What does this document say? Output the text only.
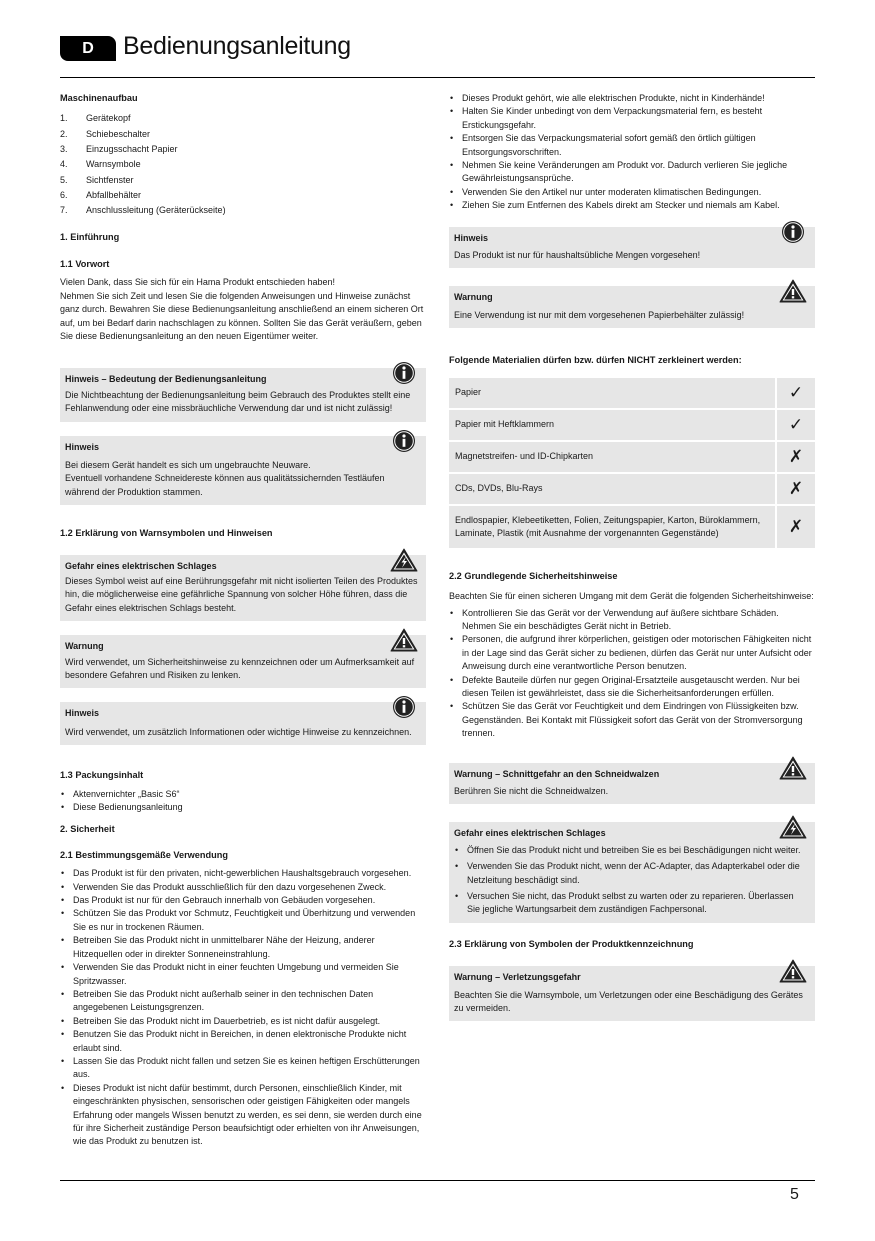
D	Bedienungsanleitung

Maschinenaufbau

1.	Gerätekopf
2.	Schiebeschalter
3.	Einzugsschacht Papier
4.	Warnsymbole
5.	Sichtfenster
6.	Abfallbehälter
7.	Anschlussleitung (Geräterückseite)

1. Einführung

1.1 Vorwort

Vielen Dank, dass Sie sich für ein Hama Produkt entschieden haben!

Nehmen Sie sich Zeit und lesen Sie die folgenden Anweisungen und Hinweise zunächst ganz durch. Bewahren Sie diese Bedienungsanleitung anschließend an einem sicheren Ort auf, um bei Bedarf darin nachschlagen zu können. Sollten Sie das Gerät veräußern, geben Sie diese Bedienungsanleitung an den neuen Eigentümer weiter.

Hinweis – Bedeutung der Bedienungsanleitung

Die Nichtbeachtung der Bedienungsanleitung beim Gebrauch des Produktes stellt eine Fehlanwendung oder eine missbräuchliche Verwendung dar und ist nicht zulässig!

Hinweis

Bei diesem Gerät handelt es sich um ungebrauchte Neuware.

Eventuell vorhandene Schneidereste können aus qualitätssichernden Testläufen während der Produktion stammen.

1.2 Erklärung von Warnsymbolen und Hinweisen

Gefahr eines elektrischen Schlages

Dieses Symbol weist auf eine Berührungsgefahr mit nicht isolierten Teilen des Produktes hin, die möglicherweise eine gefährliche Spannung von solcher Höhe führen, dass die Gefahr eines elektrischen Schlags besteht.

Warnung

Wird verwendet, um Sicherheitshinweise zu kennzeichnen oder um Aufmerksamkeit auf besondere Gefahren und Risiken zu lenken.

Hinweis

Wird verwendet, um zusätzlich Informationen oder wichtige Hinweise zu kennzeichnen.

1.3 Packungsinhalt

• Aktenvernichter „Basic S6“
• Diese Bedienungsanleitung

2. Sicherheit

2.1 Bestimmungsgemäße Verwendung

• Das Produkt ist für den privaten, nicht-gewerblichen Haushaltsgebrauch vorgesehen.
• Verwenden Sie das Produkt ausschließlich für den dazu vorgesehenen Zweck.
• Das Produkt ist nur für den Gebrauch innerhalb von Gebäuden vorgesehen.
• Schützen Sie das Produkt vor Schmutz, Feuchtigkeit und Überhitzung und verwenden Sie es nur in trockenen Räumen.
• Betreiben Sie das Produkt nicht in unmittelbarer Nähe der Heizung, anderer Hitzequellen oder in direkter Sonneneinstrahlung.
• Verwenden Sie das Produkt nicht in einer feuchten Umgebung und vermeiden Sie Spritzwasser.
• Betreiben Sie das Produkt nicht außerhalb seiner in den technischen Daten angegebenen Leistungsgrenzen.
• Betreiben Sie das Produkt nicht im Dauerbetrieb, es ist nicht dafür ausgelegt.
• Benutzen Sie das Produkt nicht in Bereichen, in denen elektronische Produkte nicht erlaubt sind.
• Lassen Sie das Produkt nicht fallen und setzen Sie es keinen heftigen Erschütterungen aus.
• Dieses Produkt ist nicht dafür bestimmt, durch Personen, einschließlich Kinder, mit eingeschränkten physischen, sensorischen oder geistigen Fähigkeiten oder mangels Erfahrung oder mangels Wissen benutzt zu werden, es sei denn, sie werden durch eine für ihre Sicherheit zuständige Person beaufsichtigt oder erhielten von ihr Anweisungen, wie das Produkt zu benutzen ist.
• Dieses Produkt gehört, wie alle elektrischen Produkte, nicht in Kinderhände!
• Halten Sie Kinder unbedingt von dem Verpackungsmaterial fern, es besteht Erstickungsgefahr.
• Entsorgen Sie das Verpackungsmaterial sofort gemäß den örtlich gültigen Entsorgungsvorschriften.
• Nehmen Sie keine Veränderungen am Produkt vor. Dadurch verlieren Sie jegliche Gewährleistungsansprüche.
• Verwenden Sie den Artikel nur unter moderaten klimatischen Bedingungen.
• Ziehen Sie zum Entfernen des Kabels direkt am Stecker und niemals am Kabel.

Hinweis

Das Produkt ist nur für haushaltsübliche Mengen vorgesehen!

Warnung

Eine Verwendung ist nur mit dem vorgesehenen Papierbehälter zulässig!

Folgende Materialien dürfen bzw. dürfen NICHT zerkleinert werden:

Papier	✓
Papier mit Heftklammern	✓
Magnetstreifen- und ID-Chipkarten	✗
CDs, DVDs, Blu-Rays	✗
Endlospapier, Klebeetiketten, Folien, Zeitungspapier, Karton, Büroklammern, Laminate, Plastik (mit Ausnahme der vorgenannten Gegenstände)	✗

2.2 Grundlegende Sicherheitshinweise

Beachten Sie für einen sicheren Umgang mit dem Gerät die folgenden Sicherheitshinweise:

• Kontrollieren Sie das Gerät vor der Verwendung auf äußere sichtbare Schäden. Nehmen Sie ein beschädigtes Gerät nicht in Betrieb.
• Personen, die aufgrund ihrer körperlichen, geistigen oder motorischen Fähigkeiten nicht in der Lage sind das Gerät sicher zu bedienen, dürfen das Gerät nur unter Aufsicht oder Anweisung durch eine verantwortliche Person benutzen.
• Defekte Bauteile dürfen nur gegen Original-Ersatzteile ausgetauscht werden. Nur bei diesen Teilen ist gewährleistet, dass sie die Sicherheitsanforderungen erfüllen.
• Schützen Sie das Gerät vor Feuchtigkeit und dem Eindringen von Flüssigkeiten bzw. Gegenständen. Bei Kontakt mit Flüssigkeit sofort das Gerät von der Stromversorgung trennen.

Warnung – Schnittgefahr an den Schneidwalzen

Berühren Sie nicht die Schneidwalzen.

Gefahr eines elektrischen Schlages

• Öffnen Sie das Produkt nicht und betreiben Sie es bei Beschädigungen nicht weiter.
• Verwenden Sie das Produkt nicht, wenn der AC-Adapter, das Adapterkabel oder die Netzleitung beschädigt sind.
• Versuchen Sie nicht, das Produkt selbst zu warten oder zu reparieren. Überlassen Sie jegliche Wartungsarbeit dem zuständigen Fachpersonal.

2.3 Erklärung von Symbolen der Produktkennzeichnung

Warnung – Verletzungsgefahr

Beachten Sie die Warnsymbole, um Verletzungen oder eine Beschädigung des Gerätes zu vermeiden.

5
